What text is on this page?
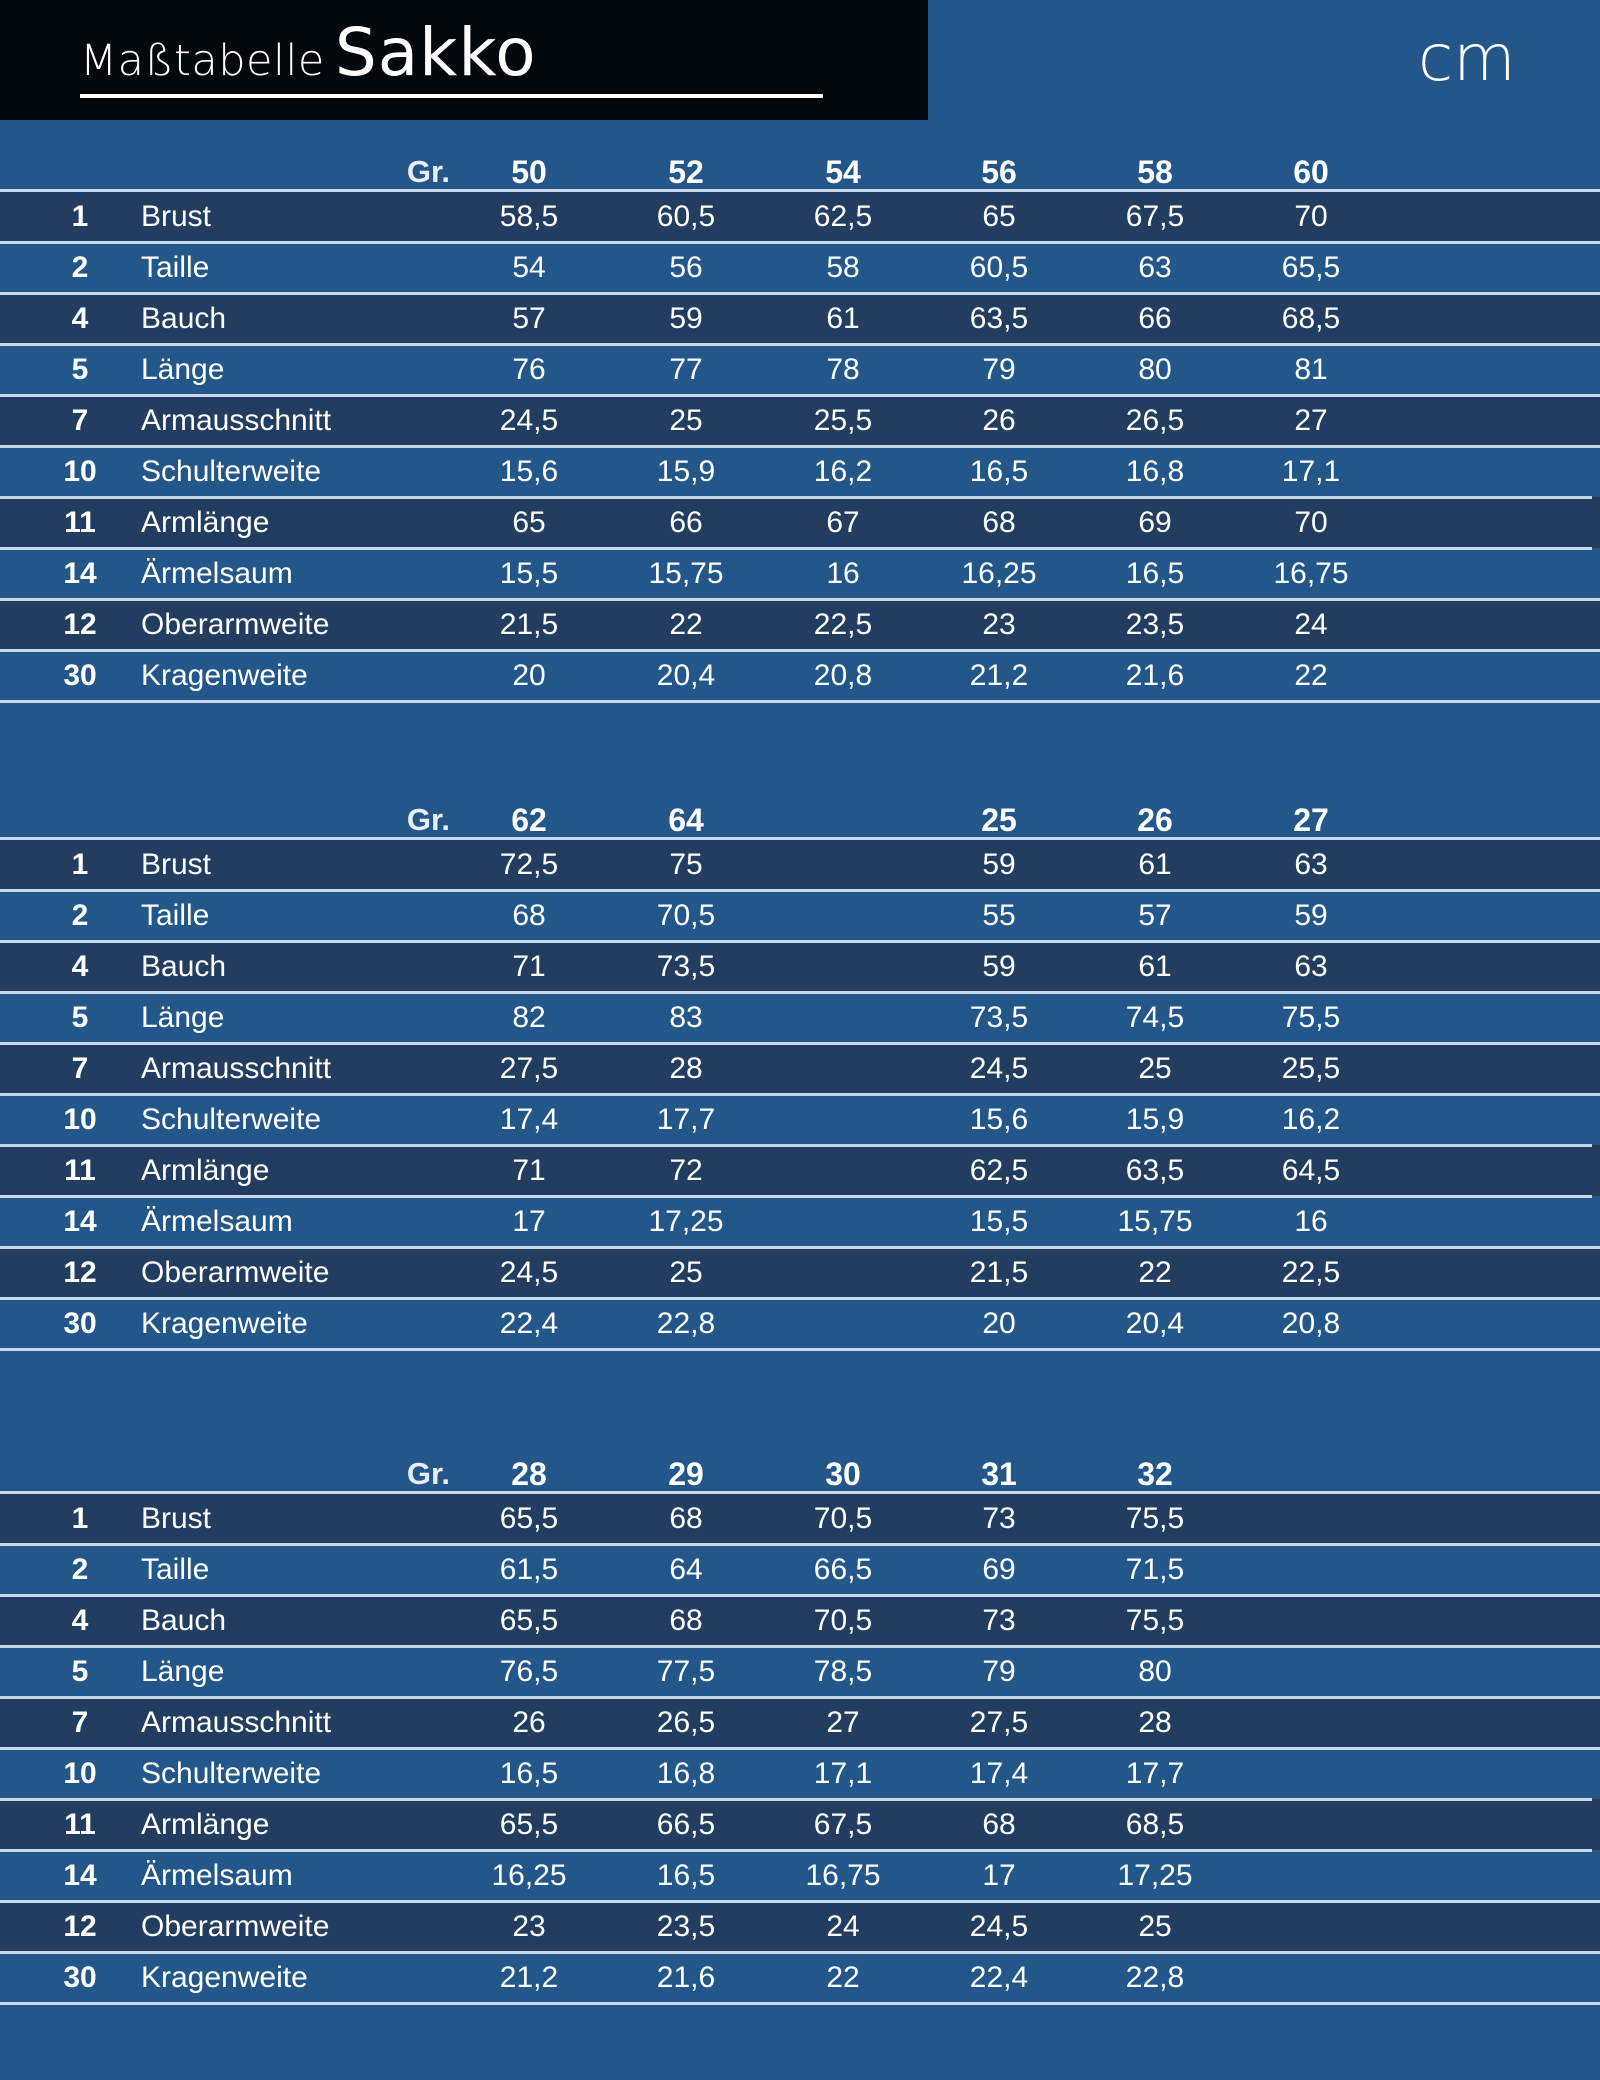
Maßtabelle Sakko	cm
Gr.	50	52	54	56	58	60
1	Brust	58,5	60,5	62,5	65	67,5	70
2	Taille	54	56	58	60,5	63	65,5
4	Bauch	57	59	61	63,5	66	68,5
5	Länge	76	77	78	79	80	81
7	Armausschnitt	24,5	25	25,5	26	26,5	27
10	Schulterweite	15,6	15,9	16,2	16,5	16,8	17,1
11	Armlänge	65	66	67	68	69	70
14	Ärmelsaum	15,5	15,75	16	16,25	16,5	16,75
12	Oberarmweite	21,5	22	22,5	23	23,5	24
30	Kragenweite	20	20,4	20,8	21,2	21,6	22
Gr.	62	64	25	26	27
1	Brust	72,5	75	59	61	63
2	Taille	68	70,5	55	57	59
4	Bauch	71	73,5	59	61	63
5	Länge	82	83	73,5	74,5	75,5
7	Armausschnitt	27,5	28	24,5	25	25,5
10	Schulterweite	17,4	17,7	15,6	15,9	16,2
11	Armlänge	71	72	62,5	63,5	64,5
14	Ärmelsaum	17	17,25	15,5	15,75	16
12	Oberarmweite	24,5	25	21,5	22	22,5
30	Kragenweite	22,4	22,8	20	20,4	20,8
Gr.	28	29	30	31	32
1	Brust	65,5	68	70,5	73	75,5
2	Taille	61,5	64	66,5	69	71,5
4	Bauch	65,5	68	70,5	73	75,5
5	Länge	76,5	77,5	78,5	79	80
7	Armausschnitt	26	26,5	27	27,5	28
10	Schulterweite	16,5	16,8	17,1	17,4	17,7
11	Armlänge	65,5	66,5	67,5	68	68,5
14	Ärmelsaum	16,25	16,5	16,75	17	17,25
12	Oberarmweite	23	23,5	24	24,5	25
30	Kragenweite	21,2	21,6	22	22,4	22,8
